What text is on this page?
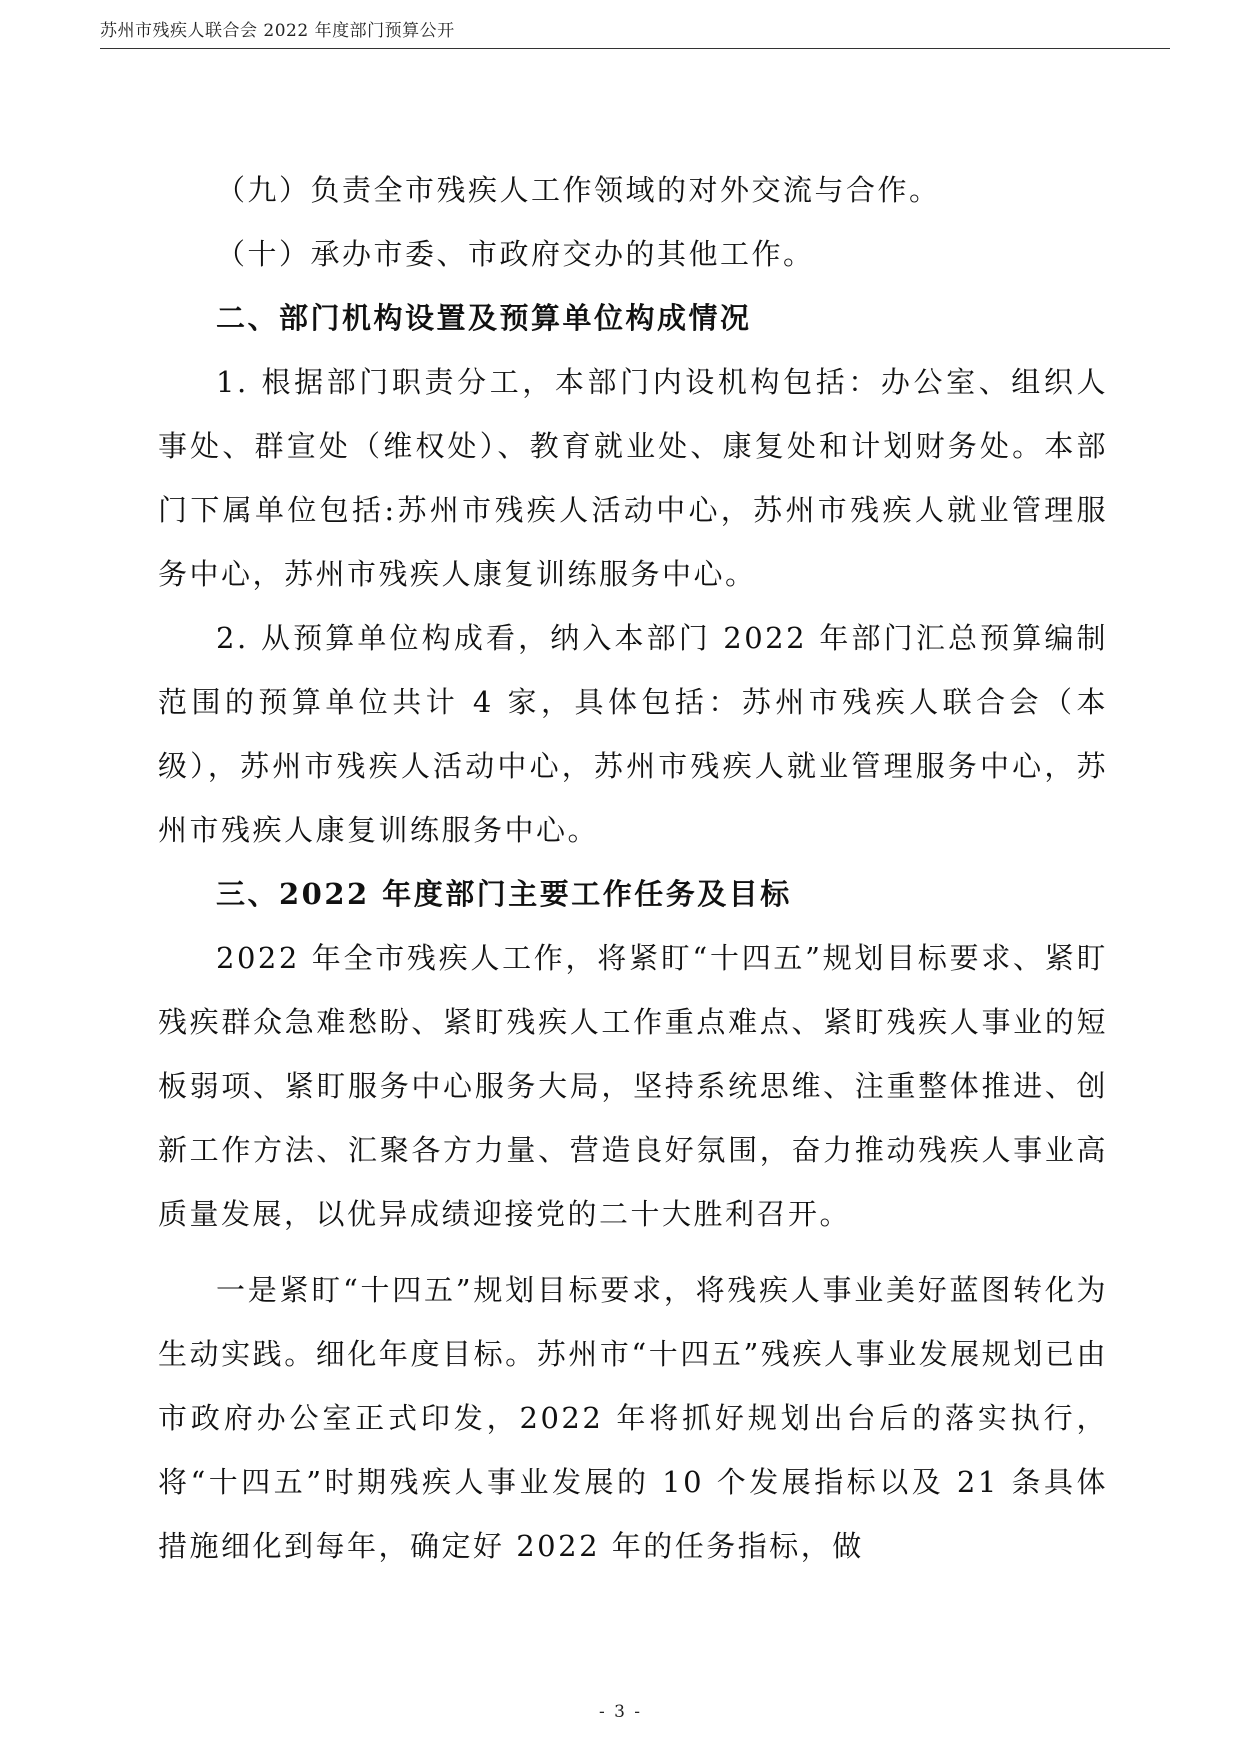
苏州市残疾人联合会 2022 年度部门预算公开

（九）负责全市残疾人工作领域的对外交流与合作。

（十）承办市委、市政府交办的其他工作。

二、部门机构设置及预算单位构成情况

1. 根据部门职责分工，本部门内设机构包括：办公室、组织人事处、群宣处（维权处）、教育就业处、康复处和计划财务处。本部门下属单位包括:苏州市残疾人活动中心，苏州市残疾人就业管理服务中心，苏州市残疾人康复训练服务中心。

2. 从预算单位构成看，纳入本部门 2022 年部门汇总预算编制范围的预算单位共计 4 家，具体包括：苏州市残疾人联合会（本级），苏州市残疾人活动中心，苏州市残疾人就业管理服务中心，苏州市残疾人康复训练服务中心。

三、2022 年度部门主要工作任务及目标

2022 年全市残疾人工作，将紧盯“十四五”规划目标要求、紧盯残疾群众急难愁盼、紧盯残疾人工作重点难点、紧盯残疾人事业的短板弱项、紧盯服务中心服务大局，坚持系统思维、注重整体推进、创新工作方法、汇聚各方力量、营造良好氛围，奋力推动残疾人事业高质量发展，以优异成绩迎接党的二十大胜利召开。

一是紧盯“十四五”规划目标要求，将残疾人事业美好蓝图转化为生动实践。细化年度目标。苏州市“十四五”残疾人事业发展规划已由市政府办公室正式印发，2022 年将抓好规划出台后的落实执行，将“十四五”时期残疾人事业发展的 10 个发展指标以及 21 条具体措施细化到每年，确定好 2022 年的任务指标，做

- 3 -
